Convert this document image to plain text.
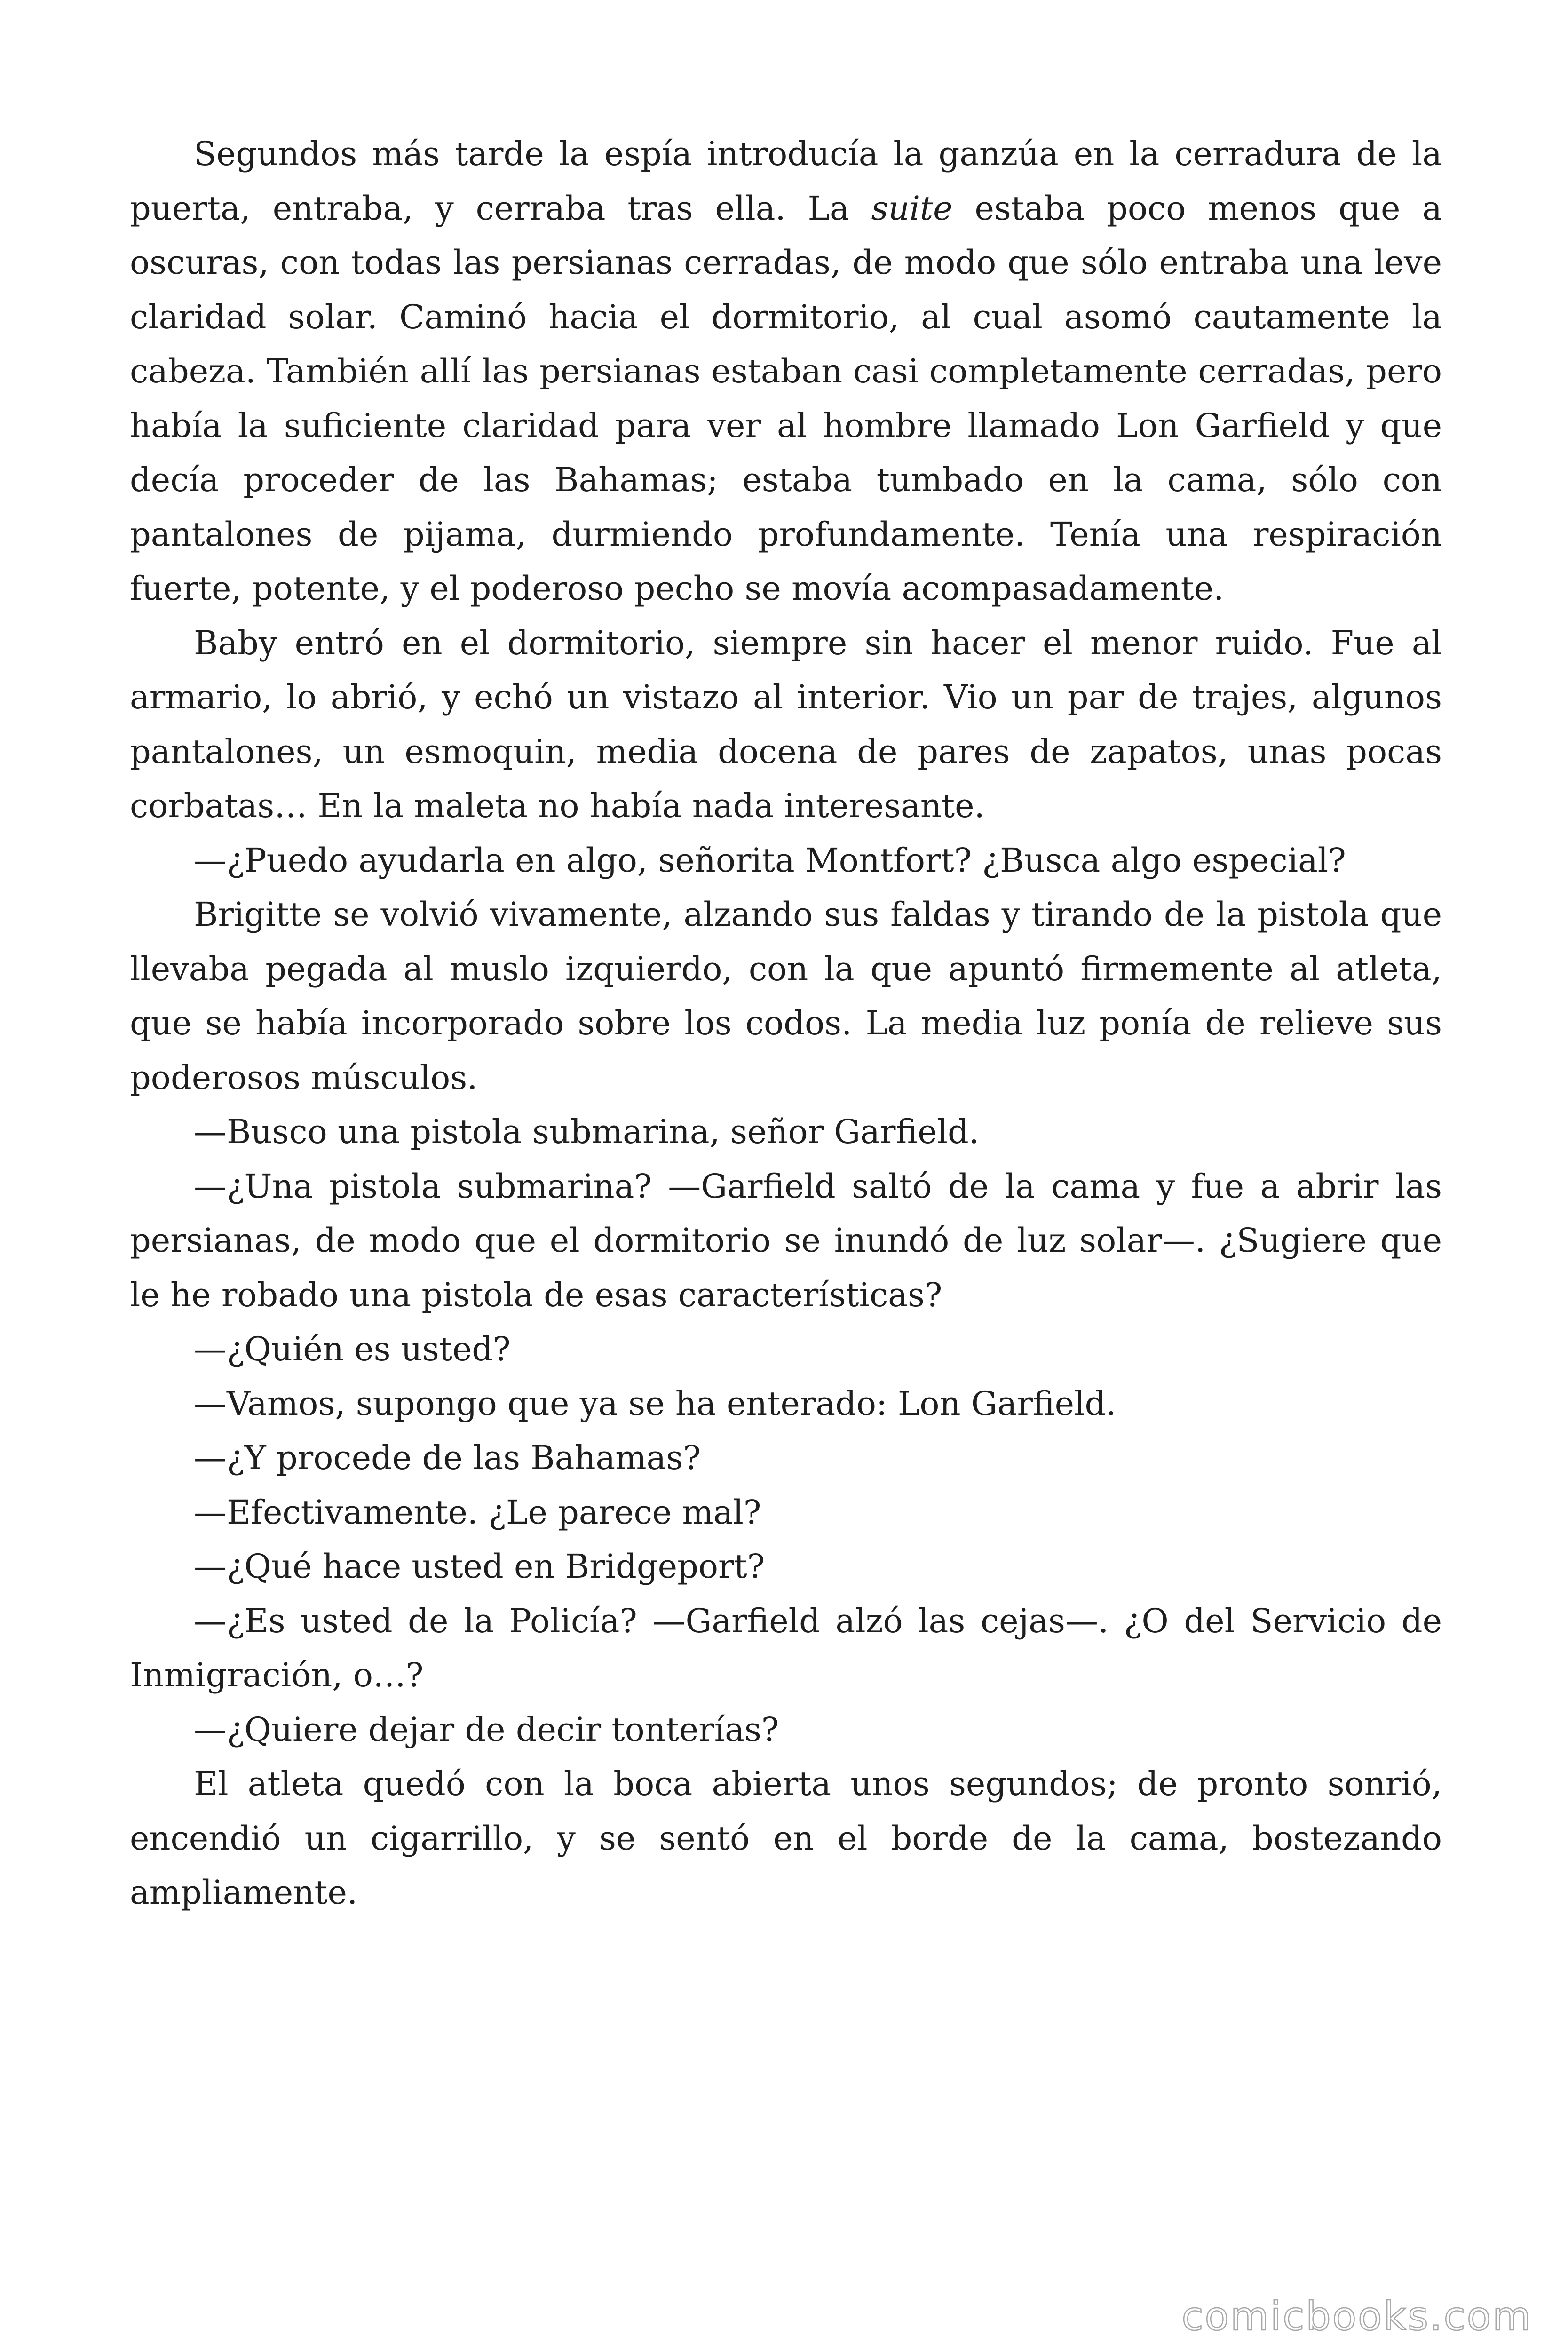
Segundos más tarde la espía introducía la ganzúa en la cerradura de la puerta, entraba, y cerraba tras ella. La suite estaba poco menos que a oscuras, con todas las persianas cerradas, de modo que sólo entraba una leve claridad solar. Caminó hacia el dormitorio, al cual asomó cautamente la cabeza. También allí las persianas estaban casi completamente cerradas, pero había la suficiente claridad para ver al hombre llamado Lon Garfield y que decía proceder de las Bahamas; estaba tumbado en la cama, sólo con pantalones de pijama, durmiendo profundamente. Tenía una respiración fuerte, potente, y el poderoso pecho se movía acompasadamente.

Baby entró en el dormitorio, siempre sin hacer el menor ruido. Fue al armario, lo abrió, y echó un vistazo al interior. Vio un par de trajes, algunos pantalones, un esmoquin, media docena de pares de zapatos, unas pocas corbatas… En la maleta no había nada interesante.

—¿Puedo ayudarla en algo, señorita Montfort? ¿Busca algo especial?

Brigitte se volvió vivamente, alzando sus faldas y tirando de la pistola que llevaba pegada al muslo izquierdo, con la que apuntó firmemente al atleta, que se había incorporado sobre los codos. La media luz ponía de relieve sus poderosos músculos.

—Busco una pistola submarina, señor Garfield.

—¿Una pistola submarina? —Garfield saltó de la cama y fue a abrir las persianas, de modo que el dormitorio se inundó de luz solar—. ¿Sugiere que le he robado una pistola de esas características?

—¿Quién es usted?

—Vamos, supongo que ya se ha enterado: Lon Garfield.

—¿Y procede de las Bahamas?

—Efectivamente. ¿Le parece mal?

—¿Qué hace usted en Bridgeport?

—¿Es usted de la Policía? —Garfield alzó las cejas—. ¿O del Servicio de Inmigración, o…?

—¿Quiere dejar de decir tonterías?

El atleta quedó con la boca abierta unos segundos; de pronto sonrió, encendió un cigarrillo, y se sentó en el borde de la cama, bostezando ampliamente.

comicbooks.com
